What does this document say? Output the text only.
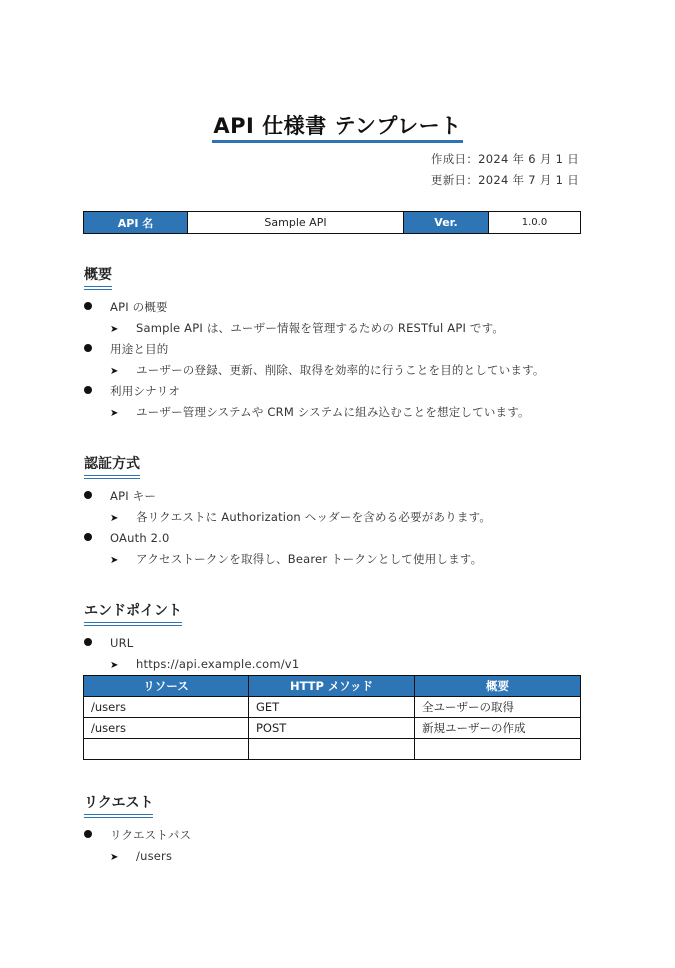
API 仕様書 テンプレート
作成日：2024 年 6 月 1 日
更新日：2024 年 7 月 1 日
API 名	Sample API	Ver.	1.0.0
概要
API の概要
➤ Sample API は、ユーザー情報を管理するための RESTful API です。
用途と目的
➤ ユーザーの登録、更新、削除、取得を効率的に行うことを目的としています。
利用シナリオ
➤ ユーザー管理システムや CRM システムに組み込むことを想定しています。
認証方式
API キー
➤ 各リクエストに Authorization ヘッダーを含める必要があります。
OAuth 2.0
➤ アクセストークンを取得し、Bearer トークンとして使用します。
エンドポイント
URL
➤ https://api.example.com/v1
リソース	HTTP メソッド	概要
/users	GET	全ユーザーの取得
/users	POST	新規ユーザーの作成

リクエスト
リクエストパス
➤ /users
